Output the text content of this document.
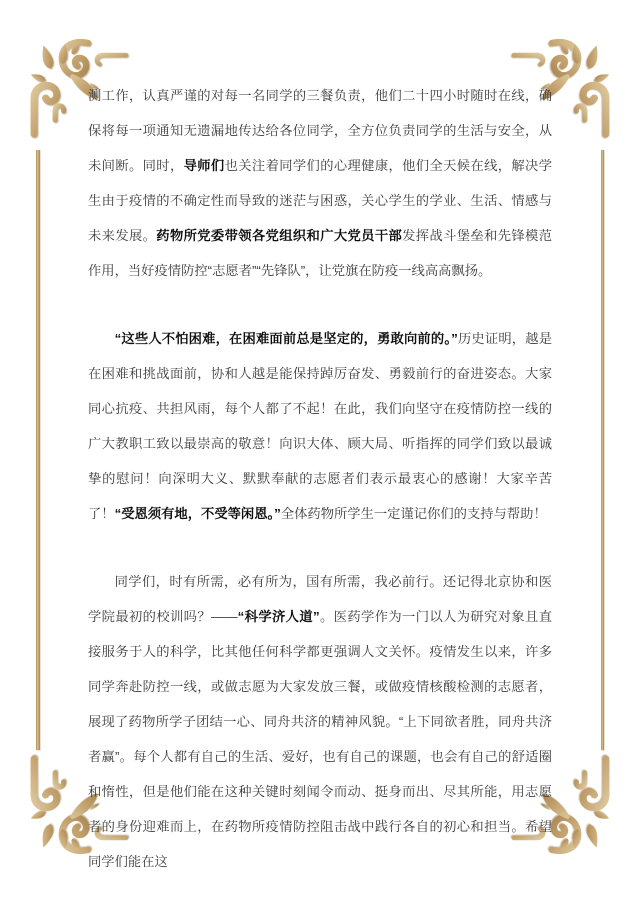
测工作，认真严谨的对每一名同学的三餐负责，他们二十四小时随时在线，确保将每一项通知无遗漏地传达给各位同学，全方位负责同学的生活与安全，从未间断。同时，导师们也关注着同学们的心理健康，他们全天候在线，解决学生由于疫情的不确定性而导致的迷茫与困惑，关心学生的学业、生活、情感与未来发展。药物所党委带领各党组织和广大党员干部发挥战斗堡垒和先锋模范作用，当好疫情防控“志愿者”“先锋队”，让党旗在防疫一线高高飘扬。

“这些人不怕困难，在困难面前总是坚定的，勇敢向前的。”历史证明，越是在困难和挑战面前，协和人越是能保持踔厉奋发、勇毅前行的奋进姿态。大家同心抗疫、共担风雨，每个人都了不起！在此，我们向坚守在疫情防控一线的广大教职工致以最崇高的敬意！向识大体、顾大局、听指挥的同学们致以最诚挚的慰问！向深明大义、默默奉献的志愿者们表示最衷心的感谢！大家辛苦了！“受恩须有地，不受等闲恩。”全体药物所学生一定谨记你们的支持与帮助！

同学们，时有所需，必有所为，国有所需，我必前行。还记得北京协和医学院最初的校训吗？——“科学济人道”。医药学作为一门以人为研究对象且直接服务于人的科学，比其他任何科学都更强调人文关怀。疫情发生以来，许多同学奔赴防控一线，或做志愿为大家发放三餐，或做疫情核酸检测的志愿者，展现了药物所学子团结一心、同舟共济的精神风貌。“上下同欲者胜，同舟共济者赢”。每个人都有自己的生活、爱好，也有自己的课题，也会有自己的舒适圈和惰性，但是他们能在这种关键时刻闻令而动、挺身而出、尽其所能，用志愿者的身份迎难而上，在药物所疫情防控阻击战中践行各自的初心和担当。希望同学们能在这
